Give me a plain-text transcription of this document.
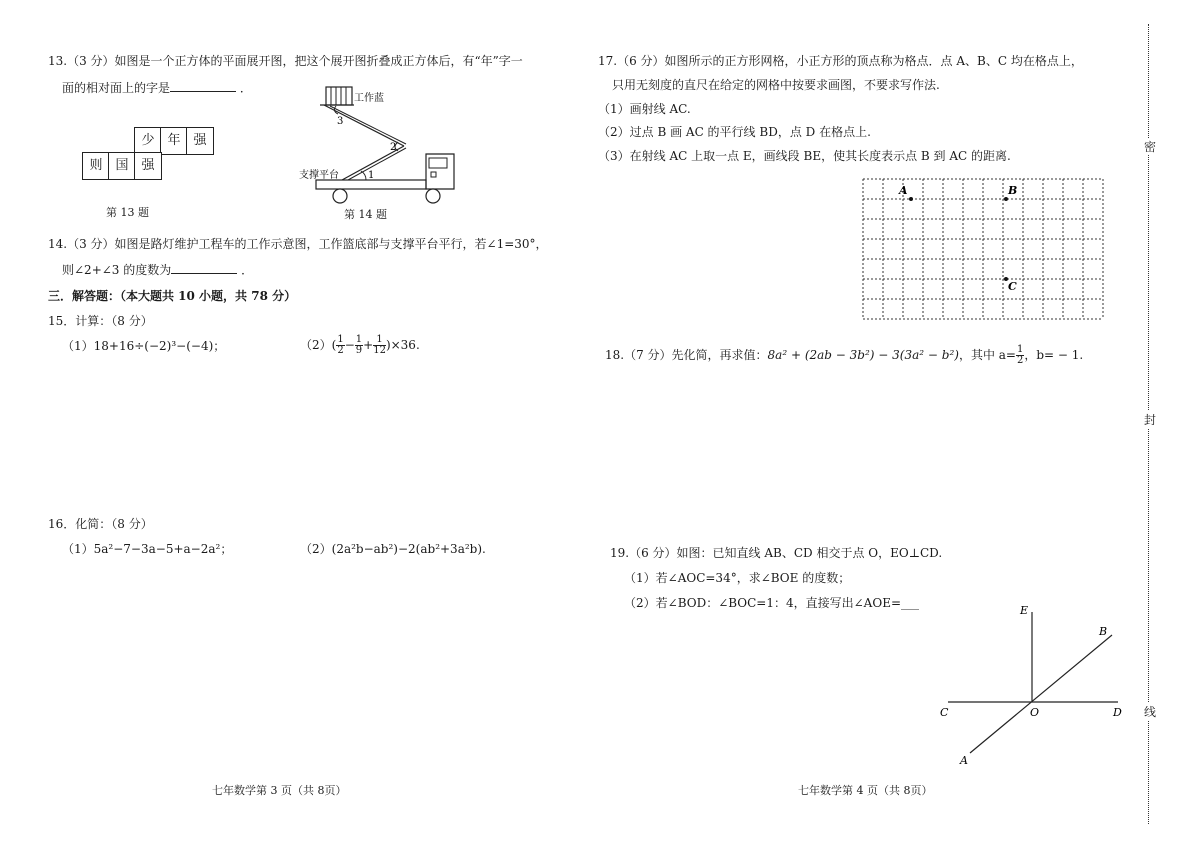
13.（3 分）如图是一个正方体的平面展开图，把这个展开图折叠成正方体后，有“年”字一
面的相对面上的字是	．
少 年 强
则 国 强
第 13 题
工作蓝
支撑平台
3
2
1
第 14 题
14.（3 分）如图是路灯维护工程车的工作示意图，工作篮底部与支撑平台平行，若∠1=30°，
则∠2+∠3 的度数为	．
三．解答题：（本大题共 10 小题，共 78 分）
15．计算：（8 分）
（1）18+16÷(−2)³−(−4)；	$(2)( \frac{1}{2} - \frac{1}{9} + \frac{1}{12} )\times 36$.
16．化简：（8 分）
（1）5a²−7−3a−5+a−2a²；	（2）(2a²b−ab²)−2(ab²+3a²b).
七年数学第 3 页（共 8页）
17.（6 分）如图所示的正方形网格，小正方形的顶点称为格点．点 A、B、C 均在格点上，
只用无刻度的直尺在给定的网格中按要求画图，不要求写作法.
（1）画射线 AC.
（2）过点 B 画 AC 的平行线 BD，点 D 在格点上.
（3）在射线 AC 上取一点 E，画线段 BE，使其长度表示点 B 到 AC 的距离.
A	B
C
18.（7 分）先化简，再求值：8a² + (2ab − 3b²) − 3(3a² − b²)，其中 $a= \frac{1}{2}$ ，b= − 1.
19.（6 分）如图：已知直线 AB、CD 相交于点 O，EO⊥CD.
（1）若∠AOC=34°，求∠BOE 的度数；
（2）若∠BOD：∠BOC=1：4，直接写出∠AOE=___
E
B
C	O	D
A
七年数学第 4 页（共 8页）
密
封
线
